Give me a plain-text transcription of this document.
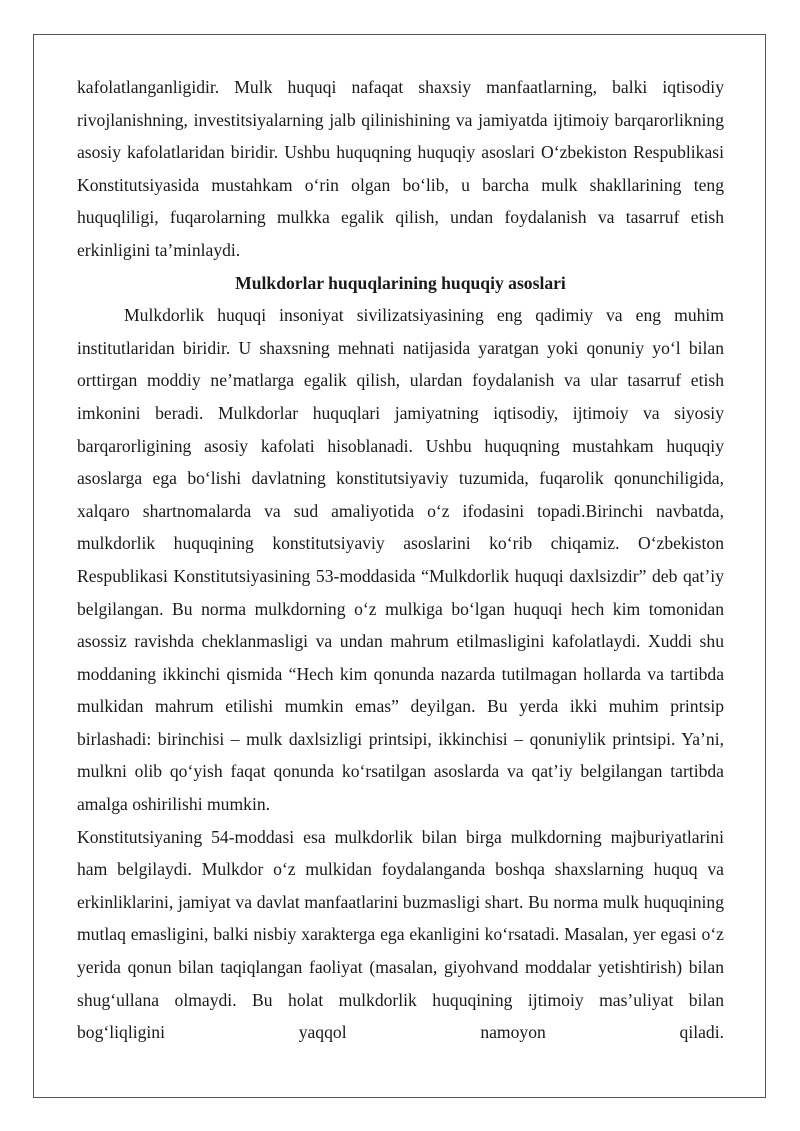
kafolatlanganligidir. Mulk huquqi nafaqat shaxsiy manfaatlarning, balki iqtisodiy rivojlanishning, investitsiyalarning jalb qilinishining va jamiyatda ijtimoiy barqarorlikning asosiy kafolatlaridan biridir. Ushbu huquqning huquqiy asoslari O‘zbekiston Respublikasi Konstitutsiyasida mustahkam o‘rin olgan bo‘lib, u barcha mulk shakllarining teng huquqliligi, fuqarolarning mulkka egalik qilish, undan foydalanish va tasarruf etish erkinligini ta’minlaydi.

Mulkdorlar huquqlarining huquqiy asoslari

Mulkdorlik huquqi insoniyat sivilizatsiyasining eng qadimiy va eng muhim institutlaridan biridir. U shaxsning mehnati natijasida yaratgan yoki qonuniy yo‘l bilan orttirgan moddiy ne’matlarga egalik qilish, ulardan foydalanish va ular tasarruf etish imkonini beradi. Mulkdorlar huquqlari jamiyatning iqtisodiy, ijtimoiy va siyosiy barqarorligining asosiy kafolati hisoblanadi. Ushbu huquqning mustahkam huquqiy asoslarga ega bo‘lishi davlatning konstitutsiyaviy tuzumida, fuqarolik qonunchiligida, xalqaro shartnomalarda va sud amaliyotida o‘z ifodasini topadi.Birinchi navbatda, mulkdorlik huquqining konstitutsiyaviy asoslarini ko‘rib chiqamiz. O‘zbekiston Respublikasi Konstitutsiyasining 53-moddasida “Mulkdorlik huquqi daxlsizdir” deb qat’iy belgilangan. Bu norma mulkdorning o‘z mulkiga bo‘lgan huquqi hech kim tomonidan asossiz ravishda cheklanmasligi va undan mahrum etilmasligini kafolatlaydi. Xuddi shu moddaning ikkinchi qismida “Hech kim qonunda nazarda tutilmagan hollarda va tartibda mulkidan mahrum etilishi mumkin emas” deyilgan. Bu yerda ikki muhim printsip birlashadi: birinchisi – mulk daxlsizligi printsipi, ikkinchisi – qonuniylik printsipi. Ya’ni, mulkni olib qo‘yish faqat qonunda ko‘rsatilgan asoslarda va qat’iy belgilangan tartibda amalga oshirilishi mumkin.

Konstitutsiyaning 54-moddasi esa mulkdorlik bilan birga mulkdorning majburiyatlarini ham belgilaydi. Mulkdor o‘z mulkidan foydalanganda boshqa shaxslarning huquq va erkinliklarini, jamiyat va davlat manfaatlarini buzmasligi shart. Bu norma mulk huquqining mutlaq emasligini, balki nisbiy xarakterga ega ekanligini ko‘rsatadi. Masalan, yer egasi o‘z yerida qonun bilan taqiqlangan faoliyat (masalan, giyohvand moddalar yetishtirish) bilan shug‘ullana olmaydi. Bu holat mulkdorlik huquqining ijtimoiy mas’uliyat bilan bog‘liqligini yaqqol namoyon qiladi.
